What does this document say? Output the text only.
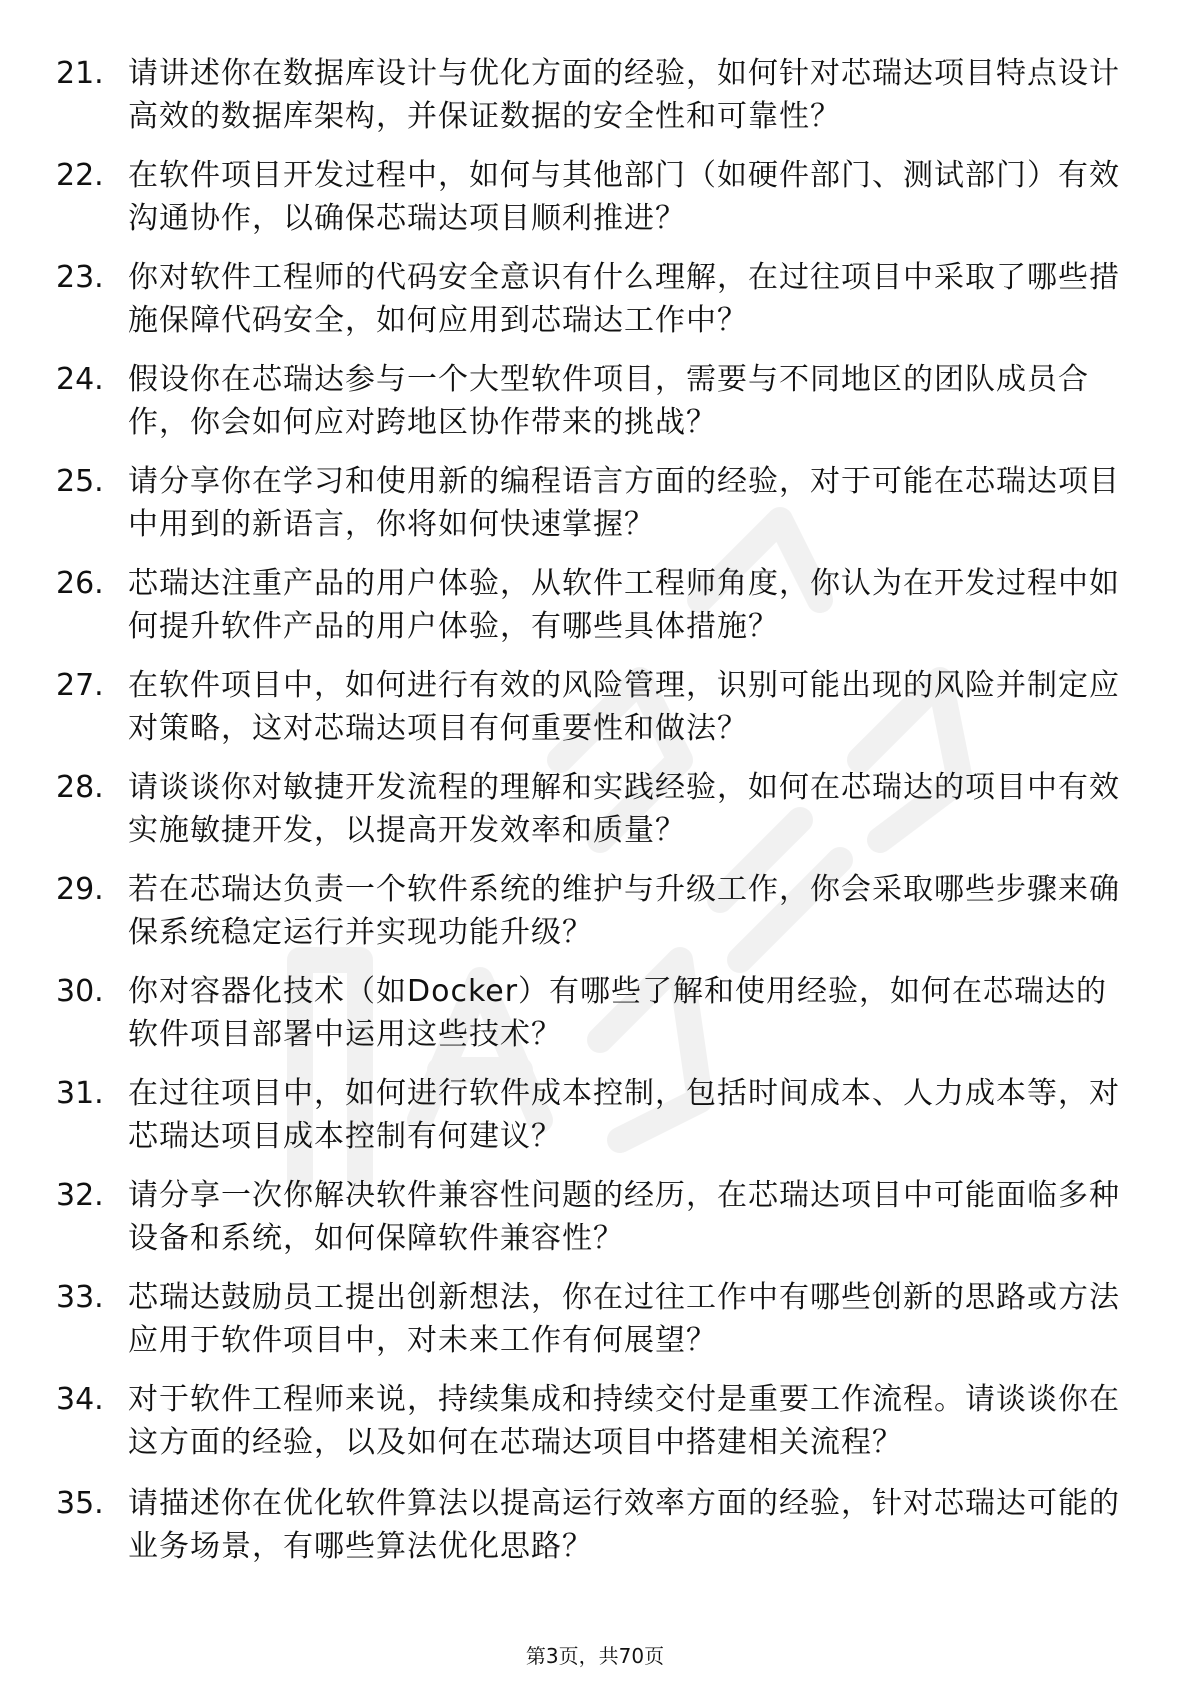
21. 请讲述你在数据库设计与优化方面的经验，如何针对芯瑞达项目特点设计高效的数据库架构，并保证数据的安全性和可靠性？
22. 在软件项目开发过程中，如何与其他部门（如硬件部门、测试部门）有效沟通协作，以确保芯瑞达项目顺利推进？
23. 你对软件工程师的代码安全意识有什么理解，在过往项目中采取了哪些措施保障代码安全，如何应用到芯瑞达工作中？
24. 假设你在芯瑞达参与一个大型软件项目，需要与不同地区的团队成员合作，你会如何应对跨地区协作带来的挑战？
25. 请分享你在学习和使用新的编程语言方面的经验，对于可能在芯瑞达项目中用到的新语言，你将如何快速掌握？
26. 芯瑞达注重产品的用户体验，从软件工程师角度，你认为在开发过程中如何提升软件产品的用户体验，有哪些具体措施？
27. 在软件项目中，如何进行有效的风险管理，识别可能出现的风险并制定应对策略，这对芯瑞达项目有何重要性和做法？
28. 请谈谈你对敏捷开发流程的理解和实践经验，如何在芯瑞达的项目中有效实施敏捷开发，以提高开发效率和质量？
29. 若在芯瑞达负责一个软件系统的维护与升级工作，你会采取哪些步骤来确保系统稳定运行并实现功能升级？
30. 你对容器化技术（如Docker）有哪些了解和使用经验，如何在芯瑞达的软件项目部署中运用这些技术？
31. 在过往项目中，如何进行软件成本控制，包括时间成本、人力成本等，对芯瑞达项目成本控制有何建议？
32. 请分享一次你解决软件兼容性问题的经历，在芯瑞达项目中可能面临多种设备和系统，如何保障软件兼容性？
33. 芯瑞达鼓励员工提出创新想法，你在过往工作中有哪些创新的思路或方法应用于软件项目中，对未来工作有何展望？
34. 对于软件工程师来说，持续集成和持续交付是重要工作流程。请谈谈你在这方面的经验，以及如何在芯瑞达项目中搭建相关流程？
35. 请描述你在优化软件算法以提高运行效率方面的经验，针对芯瑞达可能的业务场景，有哪些算法优化思路？
第3页，共70页
